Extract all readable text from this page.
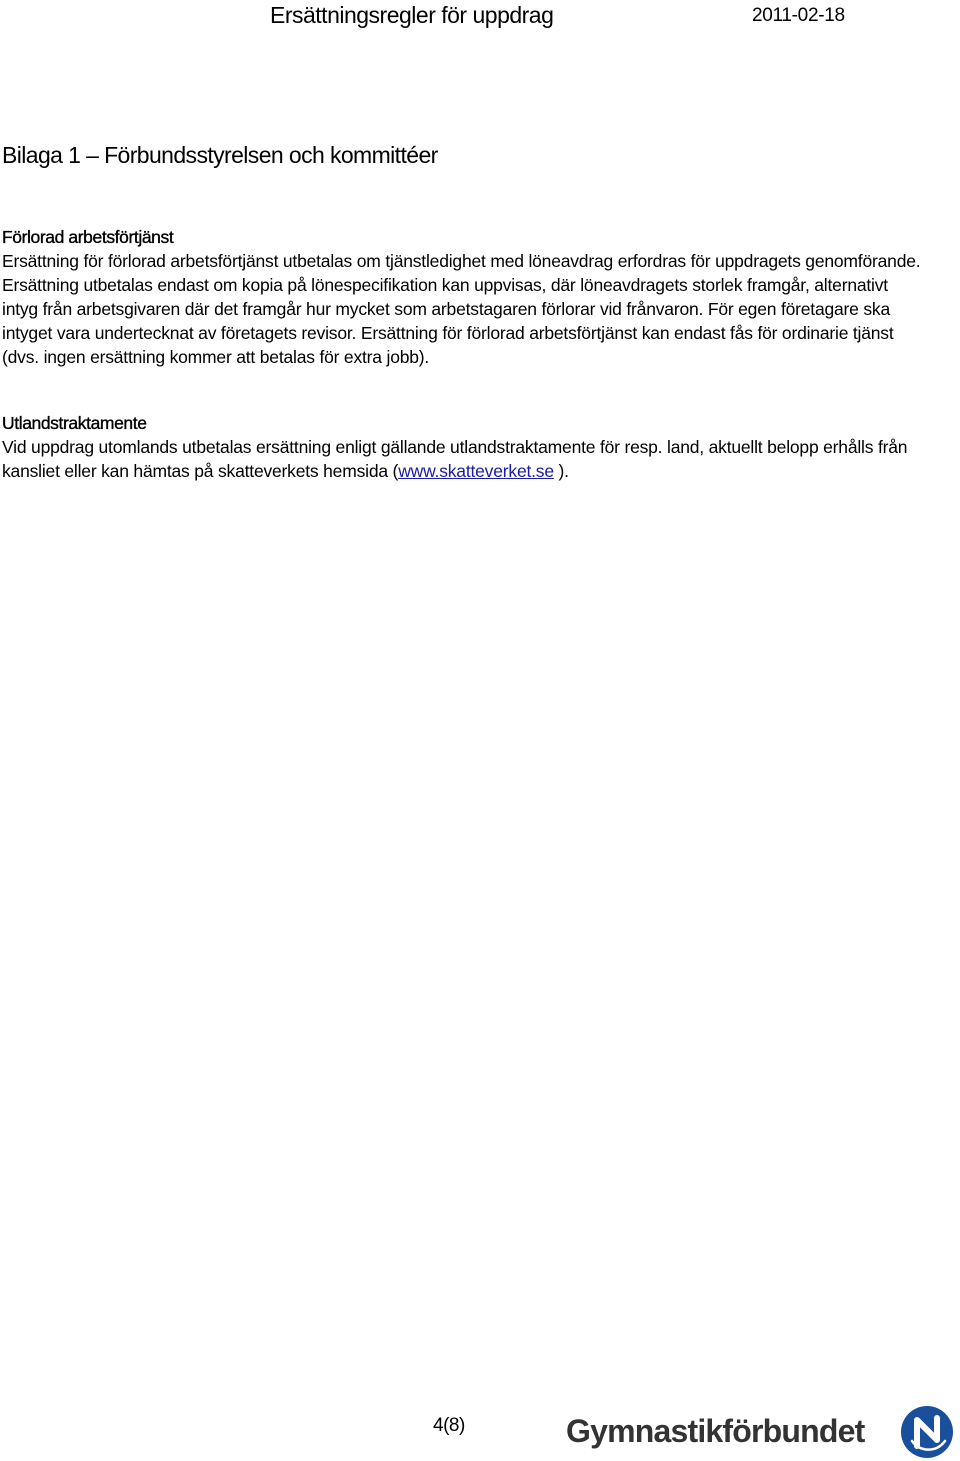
Ersättningsregler för uppdrag	2011-02-18
Bilaga 1 – Förbundsstyrelsen och kommittéer
Förlorad arbetsförtjänst

Ersättning för förlorad arbetsförtjänst utbetalas om tjänstledighet med löneavdrag erfordras för uppdragets genomförande. Ersättning utbetalas endast om kopia på lönespecifikation kan uppvisas, där löneavdragets storlek framgår, alternativt intyg från arbetsgivaren där det framgår hur mycket som arbetstagaren förlorar vid frånvaron. För egen företagare ska intyget vara undertecknat av företagets revisor. Ersättning för förlorad arbetsförtjänst kan endast fås för ordinarie tjänst (dvs. ingen ersättning kommer att betalas för extra jobb).

Utlandstraktamente

Vid uppdrag utomlands utbetalas ersättning enligt gällande utlandstraktamente för resp. land, aktuellt belopp erhålls från kansliet eller kan hämtas på skatteverkets hemsida (www.skatteverket.se ).

4(8)	Gymnastikförbundet
